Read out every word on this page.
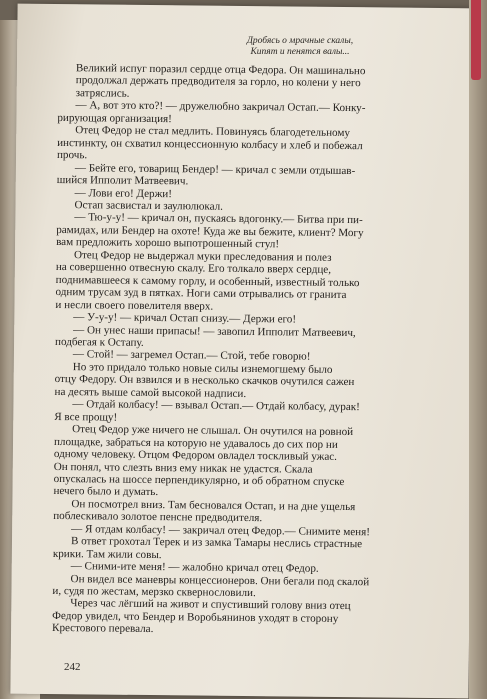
Дробясь о мрачные скалы,
Кипят и пенятся валы...
Великий испуг поразил сердце отца Федора. Он машинально
продолжал держать предводителя за горло, но колени у него
затряслись.
— А, вот это кто?! — дружелюбно закричал Остап.— Конку-
рирующая организация!
Отец Федор не стал медлить. Повинуясь благодетельному
инстинкту, он схватил концессионную колбасу и хлеб и побежал
прочь.
— Бейте его, товарищ Бендер! — кричал с земли отдышав-
шийся Ипполит Матвеевич.
— Лови его! Держи!
Остап засвистал и заулюлюкал.
— Тю-у-у! — кричал он, пускаясь вдогонку.— Битва при пи-
рамидах, или Бендер на охоте! Куда же вы бежите, клиент? Могу
вам предложить хорошо выпотрошенный стул!
Отец Федор не выдержал муки преследования и полез
на совершенно отвесную скалу. Его толкало вверх сердце,
поднимавшееся к самому горлу, и особенный, известный только
одним трусам зуд в пятках. Ноги сами отрывались от гранита
и несли своего повелителя вверх.
— У-у-у! — кричал Остап снизу.— Держи его!
— Он унес наши припасы! — завопил Ипполит Матвеевич,
подбегая к Остапу.
— Стой! — загремел Остап.— Стой, тебе говорю!
Но это придало только новые силы изнемогшему было
отцу Федору. Он взвился и в несколько скачков очутился сажен
на десять выше самой высокой надписи.
— Отдай колбасу! — взывал Остап.— Отдай колбасу, дурак!
Я все прощу!
Отец Федор уже ничего не слышал. Он очутился на ровной
площадке, забраться на которую не удавалось до сих пор ни
одному человеку. Отцом Федором овладел тоскливый ужас.
Он понял, что слезть вниз ему никак не удастся. Скала
опускалась на шоссе перпендикулярно, и об обратном спуске
нечего было и думать.
Он посмотрел вниз. Там бесновался Остап, и на дне ущелья
поблескивало золотое пенсне предводителя.
— Я отдам колбасу! — закричал отец Федор.— Снимите меня!
В ответ грохотал Терек и из замка Тамары неслись страстные
крики. Там жили совы.
— Сними-ите меня! — жалобно кричал отец Федор.
Он видел все маневры концессионеров. Они бегали под скалой
и, судя по жестам, мерзко сквернословили.
Через час лёгший на живот и спустивший голову вниз отец
Федор увидел, что Бендер и Воробьянинов уходят в сторону
Крестового перевала.
242
